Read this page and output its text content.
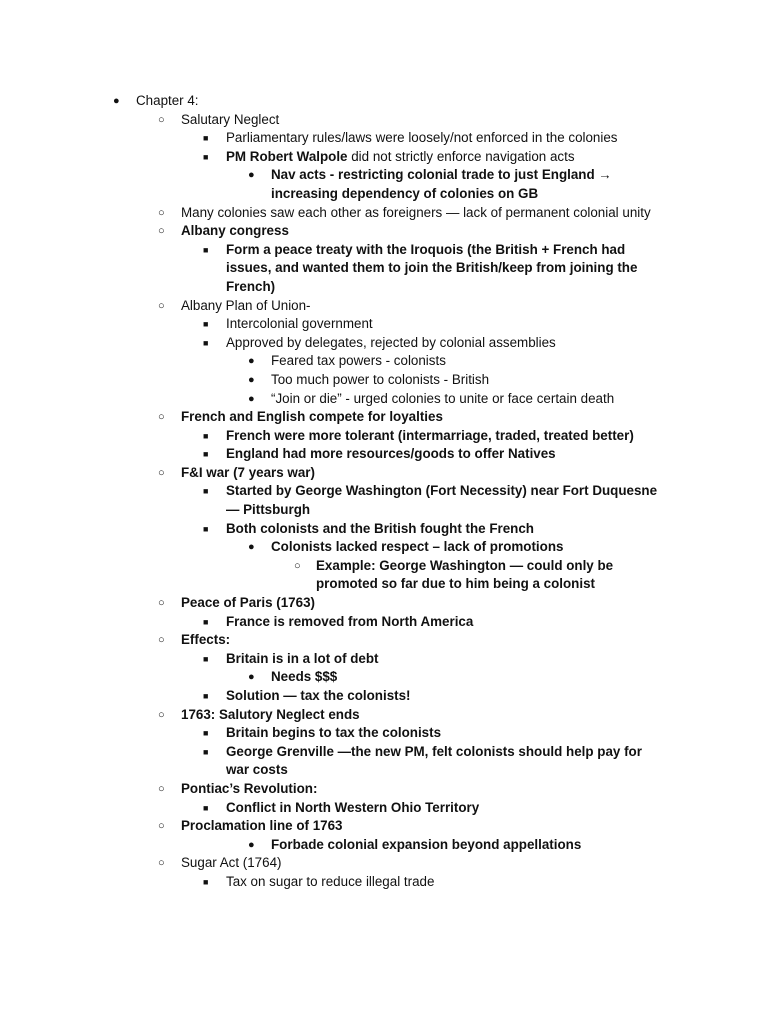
● Chapter 4:
○ Salutary Neglect
■ Parliamentary rules/laws were loosely/not enforced in the colonies
■ PM Robert Walpole did not strictly enforce navigation acts
● Nav acts - restricting colonial trade to just England →
increasing dependency of colonies on GB
○ Many colonies saw each other as foreigners — lack of permanent colonial unity
○ Albany congress
■ Form a peace treaty with the Iroquois (the British + French had
issues, and wanted them to join the British/keep from joining the
French)
○ Albany Plan of Union-
■ Intercolonial government
■ Approved by delegates, rejected by colonial assemblies
● Feared tax powers - colonists
● Too much power to colonists - British
● “Join or die” - urged colonies to unite or face certain death
○ French and English compete for loyalties
■ French were more tolerant (intermarriage, traded, treated better)
■ England had more resources/goods to offer Natives
○ F&I war (7 years war)
■ Started by George Washington (Fort Necessity) near Fort Duquesne
— Pittsburgh
■ Both colonists and the British fought the French
● Colonists lacked respect – lack of promotions
○ Example: George Washington — could only be
promoted so far due to him being a colonist
○ Peace of Paris (1763)
■ France is removed from North America
○ Effects:
■ Britain is in a lot of debt
● Needs $$$
■ Solution — tax the colonists!
○ 1763: Salutory Neglect ends
■ Britain begins to tax the colonists
■ George Grenville —the new PM, felt colonists should help pay for
war costs
○ Pontiac’s Revolution:
■ Conflict in North Western Ohio Territory
○ Proclamation line of 1763
● Forbade colonial expansion beyond appellations
○ Sugar Act (1764)
■ Tax on sugar to reduce illegal trade
